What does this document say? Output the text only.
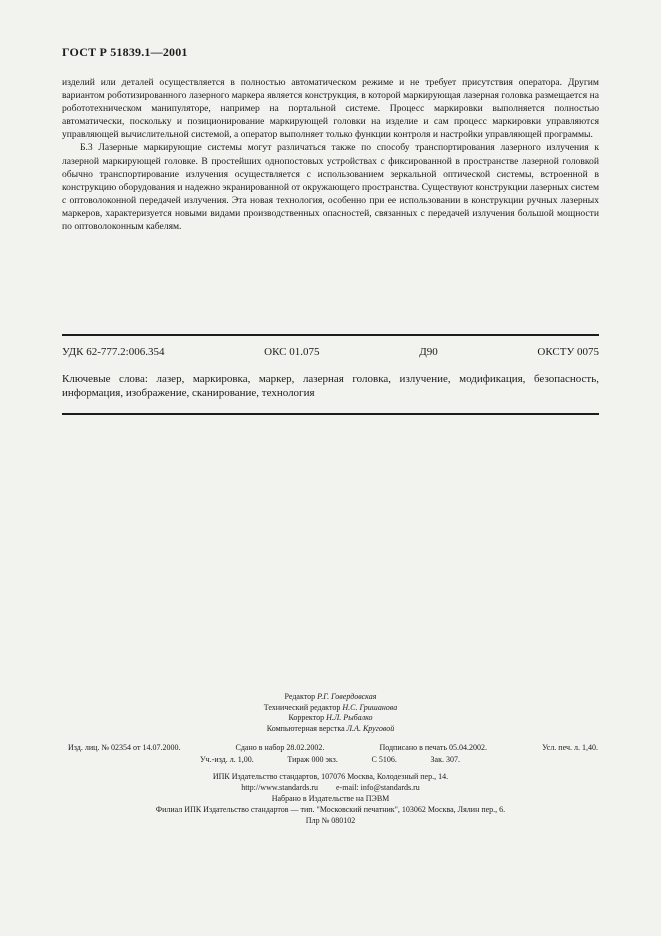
ГОСТ Р 51839.1—2001

изделий или деталей осуществляется в полностью автоматическом режиме и не требует присутствия оператора. Другим вариантом роботизированного лазерного маркера является конструкция, в которой маркирующая лазерная головка размещается на робототехническом манипуляторе, например на портальной системе. Процесс маркировки выполняется полностью автоматически, поскольку и позиционирование маркирующей головки на изделие и сам процесс маркировки управляются управляющей вычислительной системой, а оператор выполняет только функции контроля и настройки управляющей программы.

Б.3 Лазерные маркирующие системы могут различаться также по способу транспортирования лазерного излучения к лазерной маркирующей головке. В простейших однопостовых устройствах с фиксированной в пространстве лазерной головкой обычно транспортирование излучения осуществляется с использованием зеркальной оптической системы, встроенной в конструкцию оборудования и надежно экранированной от окружающего пространства. Существуют конструкции лазерных систем с оптоволоконной передачей излучения. Эта новая технология, особенно при ее использовании в конструкции ручных лазерных маркеров, характеризуется новыми видами производственных опасностей, связанных с передачей излучения большой мощности по оптоволоконным кабелям.

УДК 62-777.2:006.354	ОКС 01.075	Д90	ОКСТУ 0075
Ключевые слова: лазер, маркировка, маркер, лазерная головка, излучение, модификация, безопасность, информация, изображение, сканирование, технология
Редактор Р.Г. Говердовская
Технический редактор Н.С. Гришанова
Корректор Н.Л. Рыбалко
Компьютерная верстка Л.А. Круговой
Изд. лиц. № 02354 от 14.07.2000.	Сдано в набор 28.02.2002.	Подписано в печать 05.04.2002.	Усл. печ. л. 1,40.
Уч.-изд. л. 1,00.	Тираж 000 экз.	С 5106.	Зак. 307.
ИПК Издательство стандартов, 107076 Москва, Колодезный пер., 14.
http://www.standards.ru e-mail: info@standards.ru
Набрано в Издательстве на ПЭВМ
Филиал ИПК Издательство стандартов — тип. "Московский печатник", 103062 Москва, Лялин пер., 6.
Плр № 080102
